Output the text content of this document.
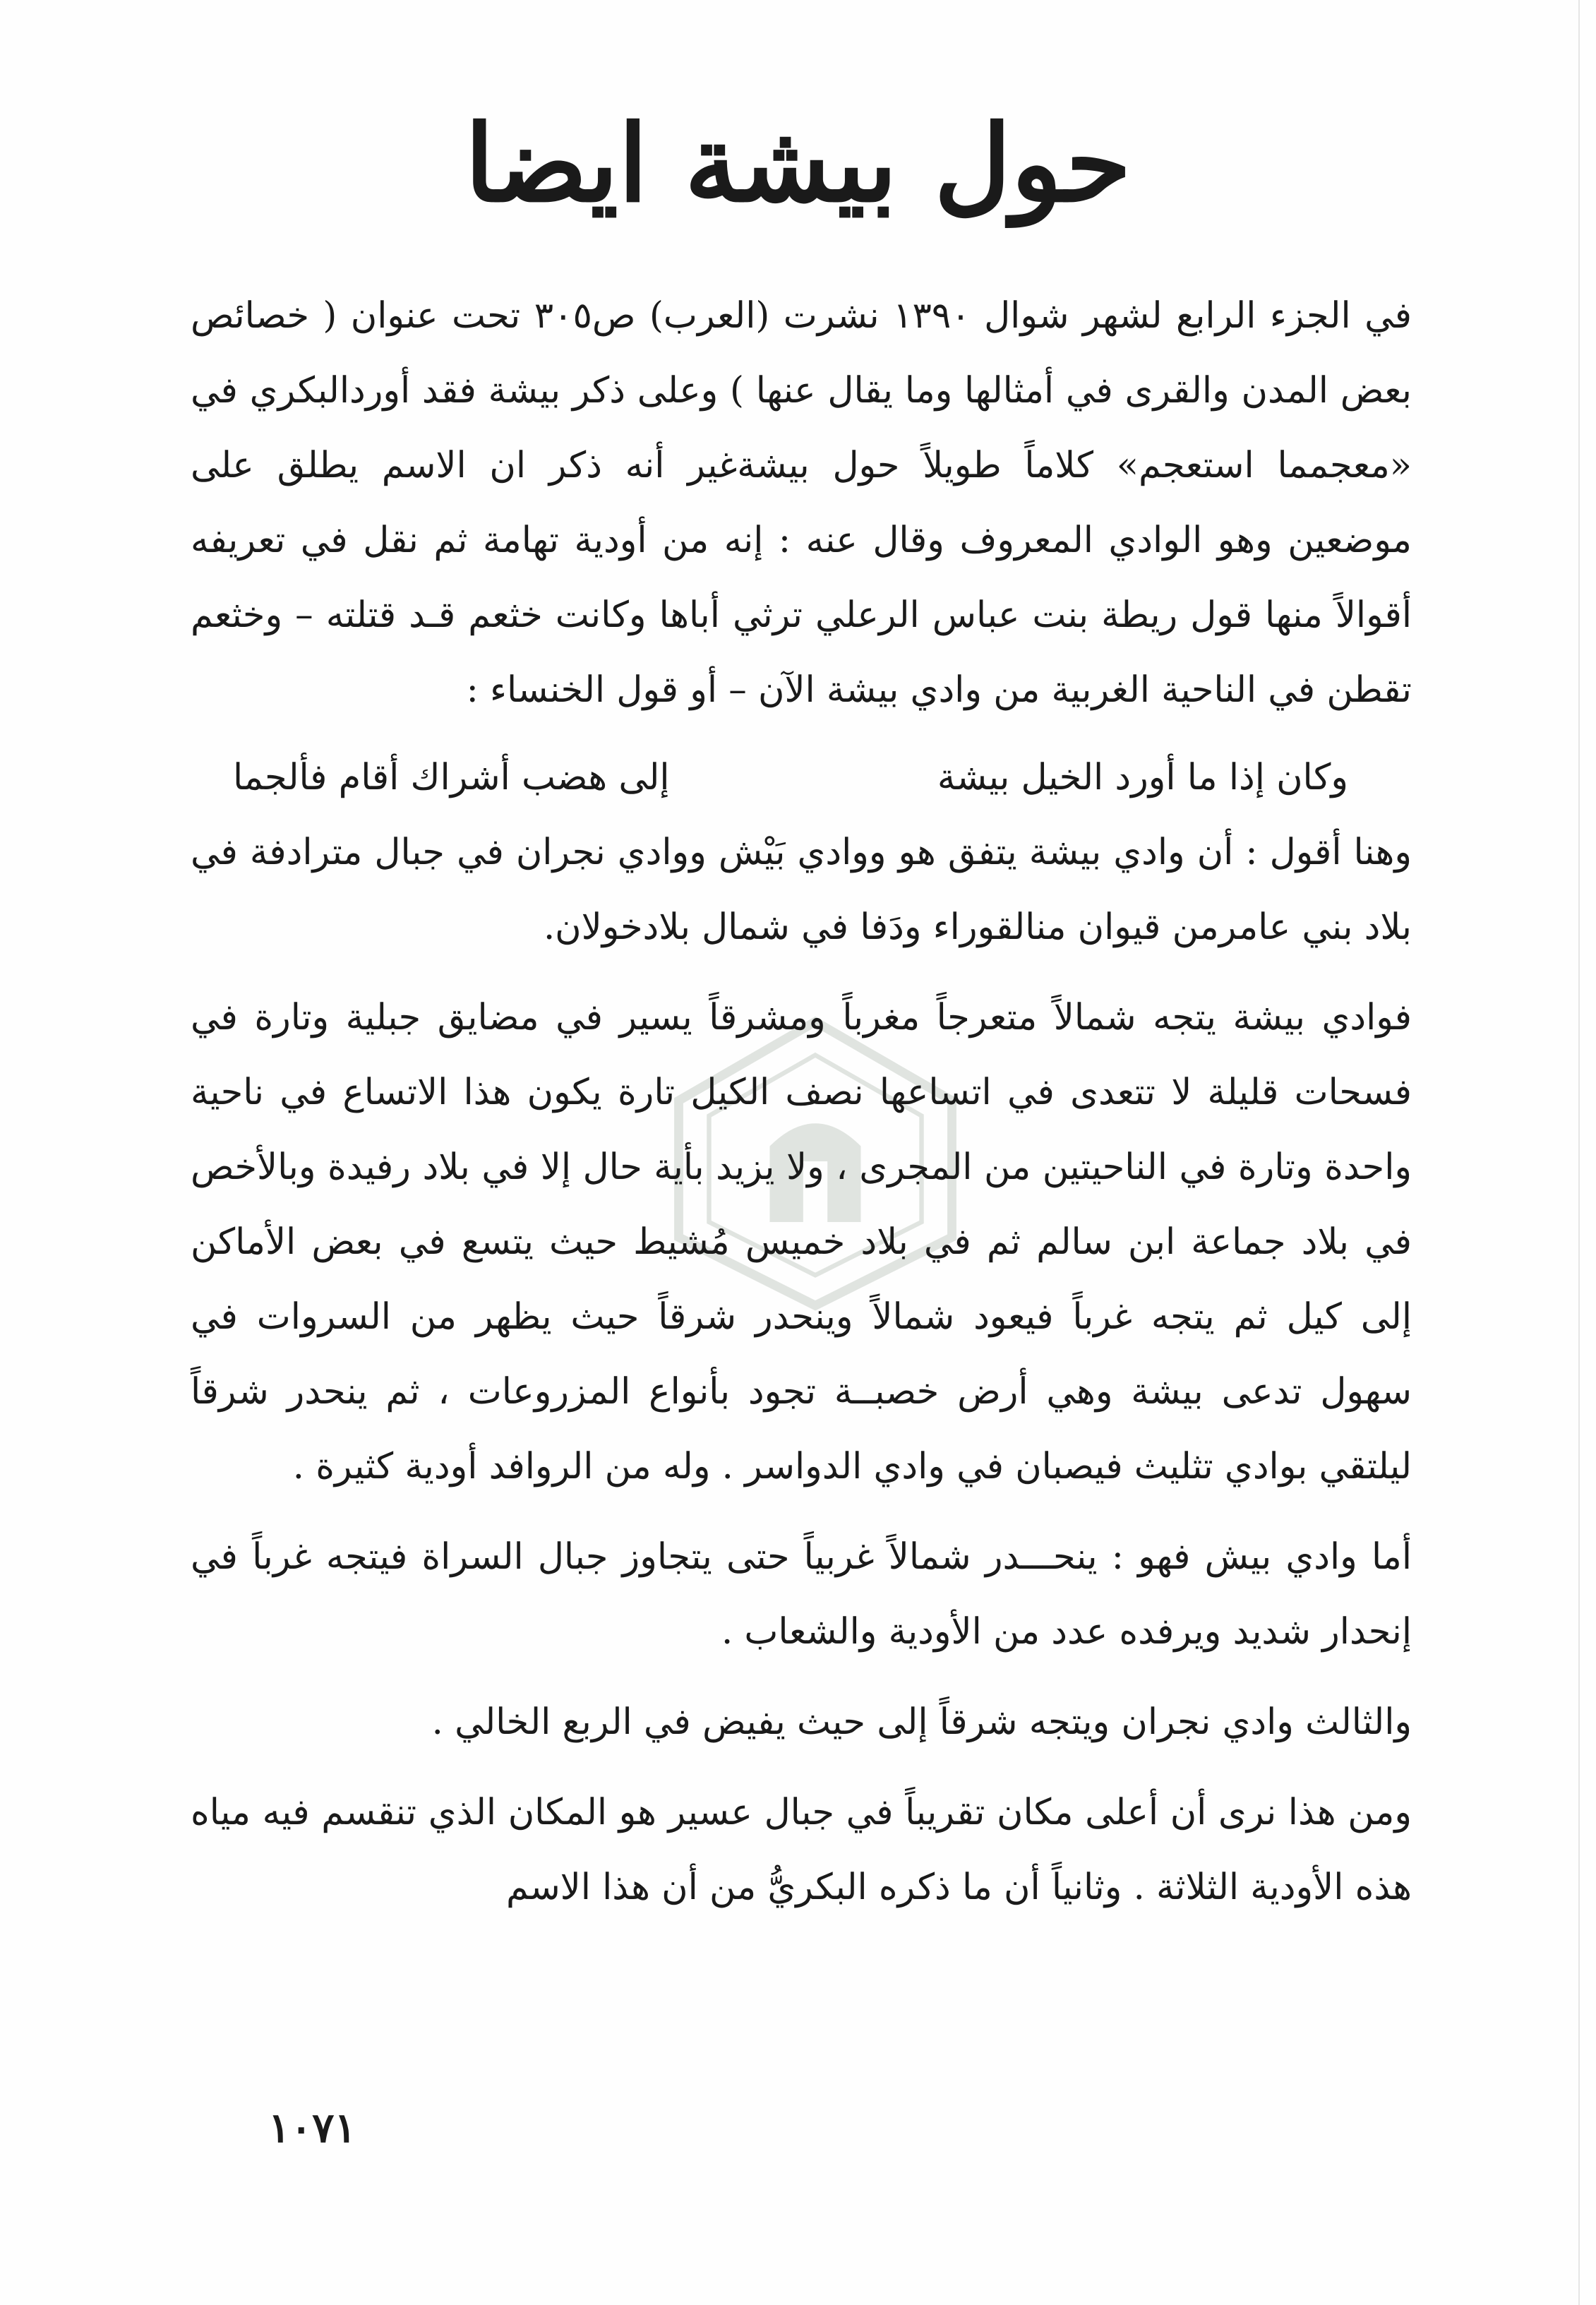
حول بيشة ايضا

في الجزء الرابع لشهر شوال ١٣٩٠ نشرت (العرب) ص٣٠٥ تحت عنوان ( خصائص بعض المدن والقرى في أمثالها وما يقال عنها ) وعلى ذكر بيشة فقد أوردالبكري في «معجمما استعجم» كلاماً طويلاً حول بيشةغير أنه ذكر ان الاسم يطلق على موضعين وهو الوادي المعروف وقال عنه : إنه من أودية تهامة ثم نقل في تعريفه أقوالاً منها قول ريطة بنت عباس الرعلي ترثي أباها وكانت خثعم قـد قتلته – وخثعم تقطن في الناحية الغربية من وادي بيشة الآن – أو قول الخنساء :

وكان إذا ما أورد الخيل بيشة
إلى هضب أشراك أقام فألجما

وهنا أقول : أن وادي بيشة يتفق هو ووادي بَيْش ووادي نجران في جبال مترادفة في بلاد بني عامرمن قيوان منالقوراء ودَفا في شمال بلادخولان.

فوادي بيشة يتجه شمالاً متعرجاً مغرباً ومشرقاً يسير في مضايق جبلية وتارة في فسحات قليلة لا تتعدى في اتساعها نصف الكيل تارة يكون هذا الاتساع في ناحية واحدة وتارة في الناحيتين من المجرى ، ولا يزيد بأية حال إلا في بلاد رفيدة وبالأخص في بلاد جماعة ابن سالم ثم في بلاد خميس مُشيط حيث يتسع في بعض الأماكن إلى كيل ثم يتجه غرباً فيعود شمالاً وينحدر شرقاً حيث يظهر من السروات في سهول تدعى بيشة وهي أرض خصبــة تجود بأنواع المزروعات ، ثم ينحدر شرقاً ليلتقي بوادي تثليث فيصبان في وادي الدواسر . وله من الروافد أودية كثيرة .

أما وادي بيش فهو : ينحـــدر شمالاً غربياً حتى يتجاوز جبال السراة فيتجه غرباً في إنحدار شديد ويرفده عدد من الأودية والشعاب .

والثالث وادي نجران ويتجه شرقاً إلى حيث يفيض في الربع الخالي .

ومن هذا نرى أن أعلى مكان تقريباً في جبال عسير هو المكان الذي تنقسم فيه مياه هذه الأودية الثلاثة . وثانياً أن ما ذكره البكريُّ من أن هذا الاسم

١٠٧١
